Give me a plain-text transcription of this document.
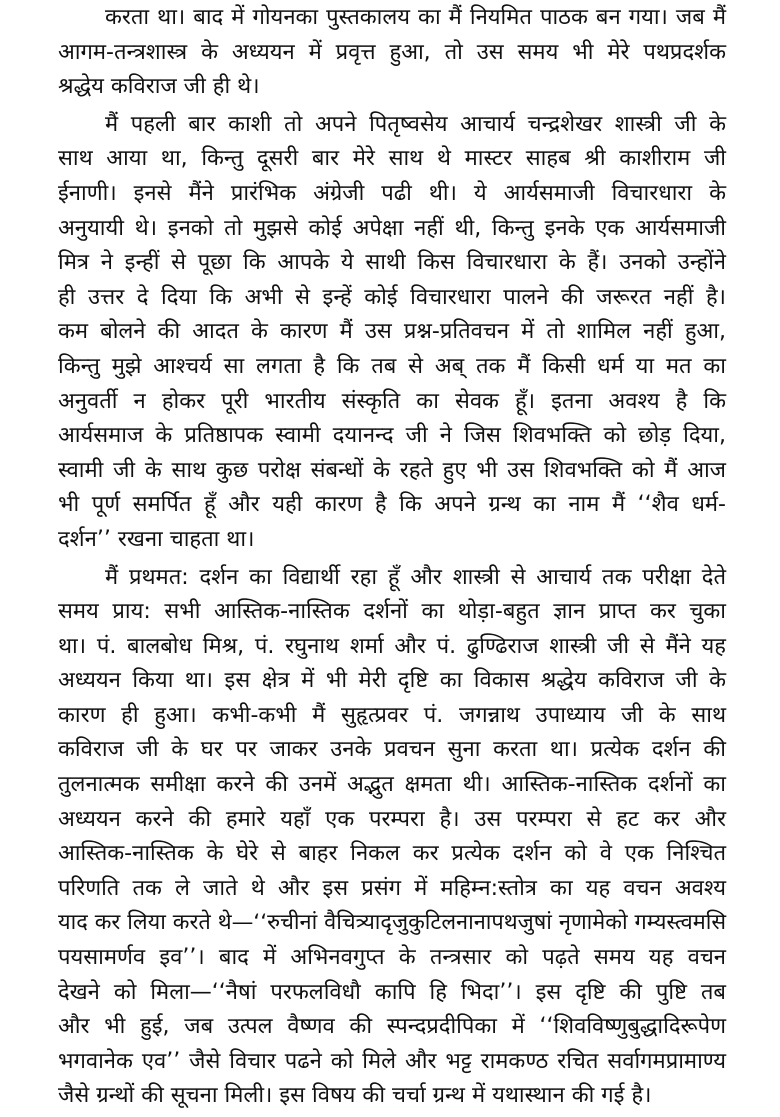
करता था। बाद में गोयनका पुस्तकालय का मैं नियमित पाठक बन गया। जब मैं
आगम-तन्त्रशास्त्र के अध्ययन में प्रवृत्त हुआ, तो उस समय भी मेरे पथप्रदर्शक
श्रद्धेय कविराज जी ही थे।
मैं पहली बार काशी तो अपने पितृष्वसेय आचार्य चन्द्रशेखर शास्त्री जी के
साथ आया था, किन्तु दूसरी बार मेरे साथ थे मास्टर साहब श्री काशीराम जी
ईनाणी। इनसे मैंने प्रारंभिक अंग्रेजी पढी थी। ये आर्यसमाजी विचारधारा के
अनुयायी थे। इनको तो मुझसे कोई अपेक्षा नहीं थी, किन्तु इनके एक आर्यसमाजी
मित्र ने इन्हीं से पूछा कि आपके ये साथी किस विचारधारा के हैं। उनको उन्होंने
ही उत्तर दे दिया कि अभी से इन्हें कोई विचारधारा पालने की जरूरत नहीं है।
कम बोलने की आदत के कारण मैं उस प्रश्न-प्रतिवचन में तो शामिल नहीं हुआ,
किन्तु मुझे आश्चर्य सा लगता है कि तब से अब् तक मैं किसी धर्म या मत का
अनुवर्ती न होकर पूरी भारतीय संस्कृति का सेवक हूँ। इतना अवश्य है कि
आर्यसमाज के प्रतिष्ठापक स्वामी दयानन्द जी ने जिस शिवभक्ति को छोड़ दिया,
स्वामी जी के साथ कुछ परोक्ष संबन्धों के रहते हुए भी उस शिवभक्ति को मैं आज
भी पूर्ण समर्पित हूँ और यही कारण है कि अपने ग्रन्थ का नाम मैं ‘‘शैव धर्म-
दर्शन’’ रखना चाहता था।
मैं प्रथमत: दर्शन का विद्यार्थी रहा हूँ और शास्त्री से आचार्य तक परीक्षा देते
समय प्राय: सभी आस्तिक-नास्तिक दर्शनों का थोड़ा-बहुत ज्ञान प्राप्त कर चुका
था। पं. बालबोध मिश्र, पं. रघुनाथ शर्मा और पं. ढुण्ढिराज शास्त्री जी से मैंने यह
अध्ययन किया था। इस क्षेत्र में भी मेरी दृष्टि का विकास श्रद्धेय कविराज जी के
कारण ही हुआ। कभी-कभी मैं सुहृत्प्रवर पं. जगन्नाथ उपाध्याय जी के साथ
कविराज जी के घर पर जाकर उनके प्रवचन सुना करता था। प्रत्येक दर्शन की
तुलनात्मक समीक्षा करने की उनमें अद्भुत क्षमता थी। आस्तिक-नास्तिक दर्शनों का
अध्ययन करने की हमारे यहाँ एक परम्परा है। उस परम्परा से हट कर और
आस्तिक-नास्तिक के घेरे से बाहर निकल कर प्रत्येक दर्शन को वे एक निश्चित
परिणति तक ले जाते थे और इस प्रसंग में महिम्न:स्तोत्र का यह वचन अवश्य
याद कर लिया करते थे—‘‘रुचीनां वैचित्र्यादृजुकुटिलनानापथजुषां नृणामेको गम्यस्त्वमसि
पयसामर्णव इव’’। बाद में अभिनवगुप्त के तन्त्रसार को पढ़ते समय यह वचन
देखने को मिला—‘‘नैषां परफलविधौ कापि हि भिदा’’। इस दृष्टि की पुष्टि तब
और भी हुई, जब उत्पल वैष्णव की स्पन्दप्रदीपिका में ‘‘शिवविष्णुबुद्धादिरूपेण
भगवानेक एव’’ जैसे विचार पढने को मिले और भट्ट रामकण्ठ रचित सर्वागमप्रामाण्य
जैसे ग्रन्थों की सूचना मिली। इस विषय की चर्चा ग्रन्थ में यथास्थान की गई है।
